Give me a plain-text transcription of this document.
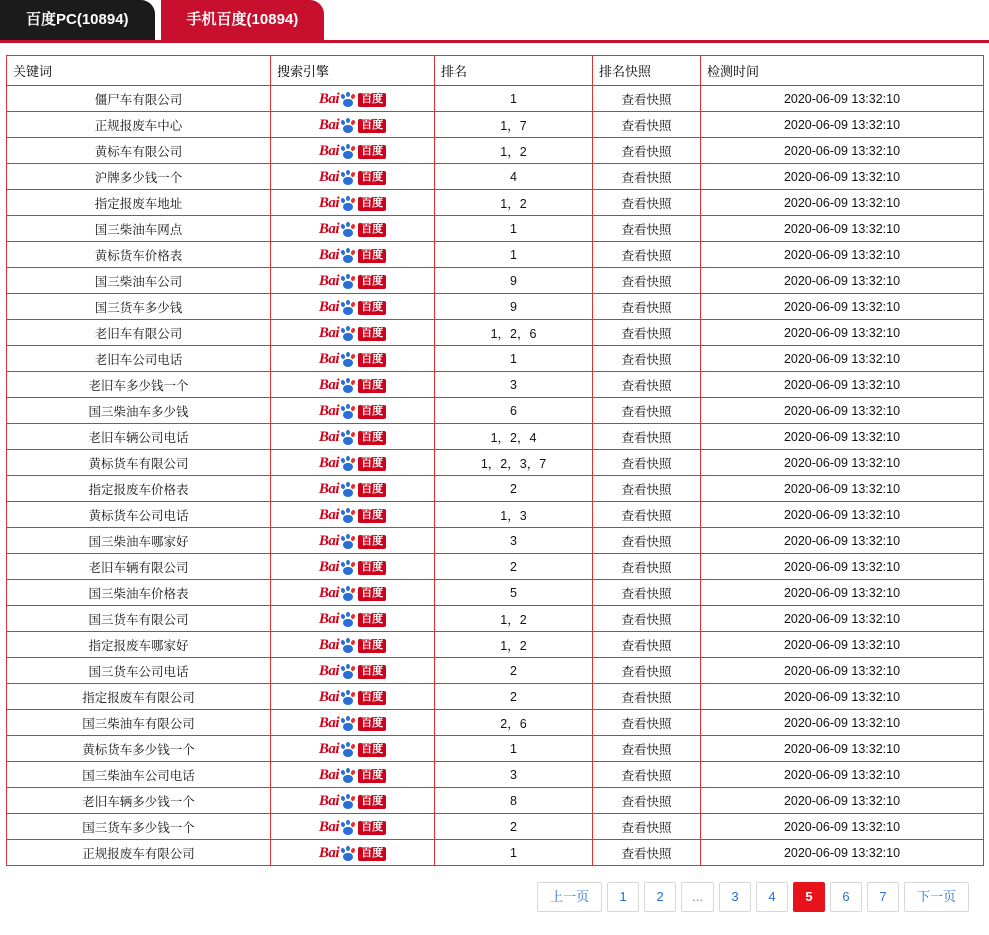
百度PC(10894)	手机百度(10894)
关键词	搜索引擎	排名	排名快照	检测时间
僵尸车有限公司	Bai 百度	1	查看快照	2020-06-09 13:32:10
正规报废车中心	Bai 百度	1，7	查看快照	2020-06-09 13:32:10
黄标车有限公司	Bai 百度	1，2	查看快照	2020-06-09 13:32:10
沪牌多少钱一个	Bai 百度	4	查看快照	2020-06-09 13:32:10
指定报废车地址	Bai 百度	1，2	查看快照	2020-06-09 13:32:10
国三柴油车网点	Bai 百度	1	查看快照	2020-06-09 13:32:10
黄标货车价格表	Bai 百度	1	查看快照	2020-06-09 13:32:10
国三柴油车公司	Bai 百度	9	查看快照	2020-06-09 13:32:10
国三货车多少钱	Bai 百度	9	查看快照	2020-06-09 13:32:10
老旧车有限公司	Bai 百度	1，2，6	查看快照	2020-06-09 13:32:10
老旧车公司电话	Bai 百度	1	查看快照	2020-06-09 13:32:10
老旧车多少钱一个	Bai 百度	3	查看快照	2020-06-09 13:32:10
国三柴油车多少钱	Bai 百度	6	查看快照	2020-06-09 13:32:10
老旧车辆公司电话	Bai 百度	1，2，4	查看快照	2020-06-09 13:32:10
黄标货车有限公司	Bai 百度	1，2，3，7	查看快照	2020-06-09 13:32:10
指定报废车价格表	Bai 百度	2	查看快照	2020-06-09 13:32:10
黄标货车公司电话	Bai 百度	1，3	查看快照	2020-06-09 13:32:10
国三柴油车哪家好	Bai 百度	3	查看快照	2020-06-09 13:32:10
老旧车辆有限公司	Bai 百度	2	查看快照	2020-06-09 13:32:10
国三柴油车价格表	Bai 百度	5	查看快照	2020-06-09 13:32:10
国三货车有限公司	Bai 百度	1，2	查看快照	2020-06-09 13:32:10
指定报废车哪家好	Bai 百度	1，2	查看快照	2020-06-09 13:32:10
国三货车公司电话	Bai 百度	2	查看快照	2020-06-09 13:32:10
指定报废车有限公司	Bai 百度	2	查看快照	2020-06-09 13:32:10
国三柴油车有限公司	Bai 百度	2，6	查看快照	2020-06-09 13:32:10
黄标货车多少钱一个	Bai 百度	1	查看快照	2020-06-09 13:32:10
国三柴油车公司电话	Bai 百度	3	查看快照	2020-06-09 13:32:10
老旧车辆多少钱一个	Bai 百度	8	查看快照	2020-06-09 13:32:10
国三货车多少钱一个	Bai 百度	2	查看快照	2020-06-09 13:32:10
正规报废车有限公司	Bai 百度	1	查看快照	2020-06-09 13:32:10
上一页	1	2	...	3	4	5	6	7	下一页
